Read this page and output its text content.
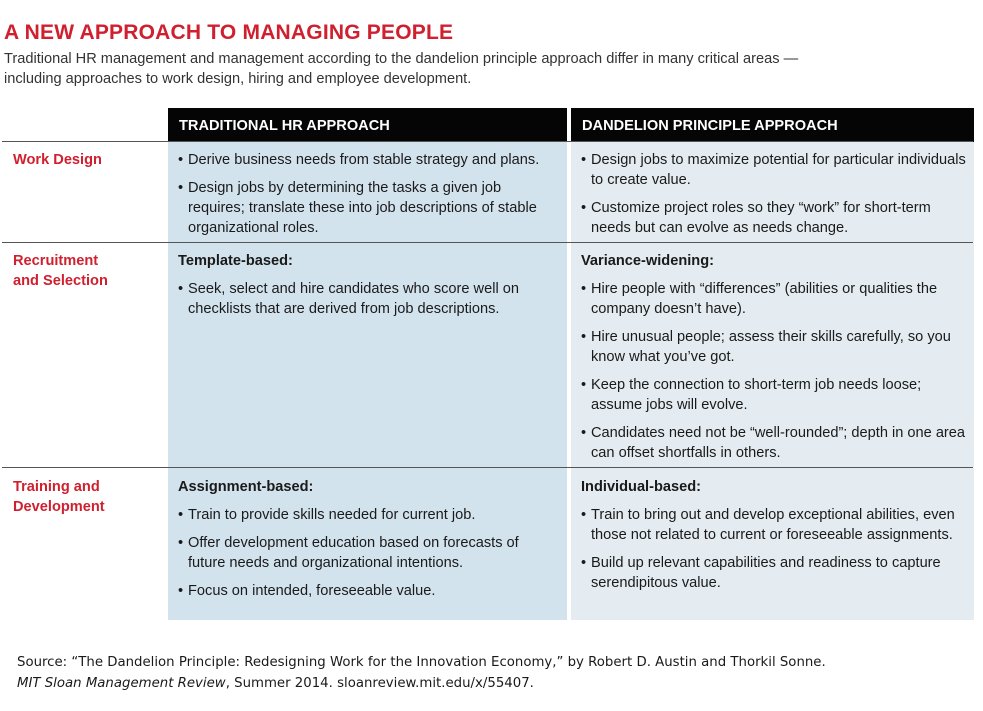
A NEW APPROACH TO MANAGING PEOPLE
Traditional HR management and management according to the dandelion principle approach differ in many critical areas —
including approaches to work design, hiring and employee development.
TRADITIONAL HR APPROACH	DANDELION PRINCIPLE APPROACH
Work Design
•	Derive business needs from stable strategy and plans.
• Design jobs by determining the tasks a given job requires; translate these into job descriptions of stable organizational roles.
• Design jobs to maximize potential for particular individuals to create value.
• Customize project roles so they “work” for short-term needs but can evolve as needs change.
Recruitment
and Selection
Template-based:
• Seek, select and hire candidates who score well on checklists that are derived from job descriptions.
Variance-widening:
• Hire people with “differences” (abilities or qualities the company doesn’t have).
• Hire unusual people; assess their skills carefully, so you know what you’ve got.
• Keep the connection to short-term job needs loose; assume jobs will evolve.
• Candidates need not be “well-rounded”; depth in one area can offset shortfalls in others.
Training and
Development
Assignment-based:
• Train to provide skills needed for current job.
• Offer development education based on forecasts of future needs and organizational intentions.
• Focus on intended, foreseeable value.
Individual-based:
• Train to bring out and develop exceptional abilities, even those not related to current or foreseeable assignments.
• Build up relevant capabilities and readiness to capture serendipitous value.
Source: “The Dandelion Principle: Redesigning Work for the Innovation Economy,” by Robert D. Austin and Thorkil Sonne.
MIT Sloan Management Review, Summer 2014. sloanreview.mit.edu/x/55407.
